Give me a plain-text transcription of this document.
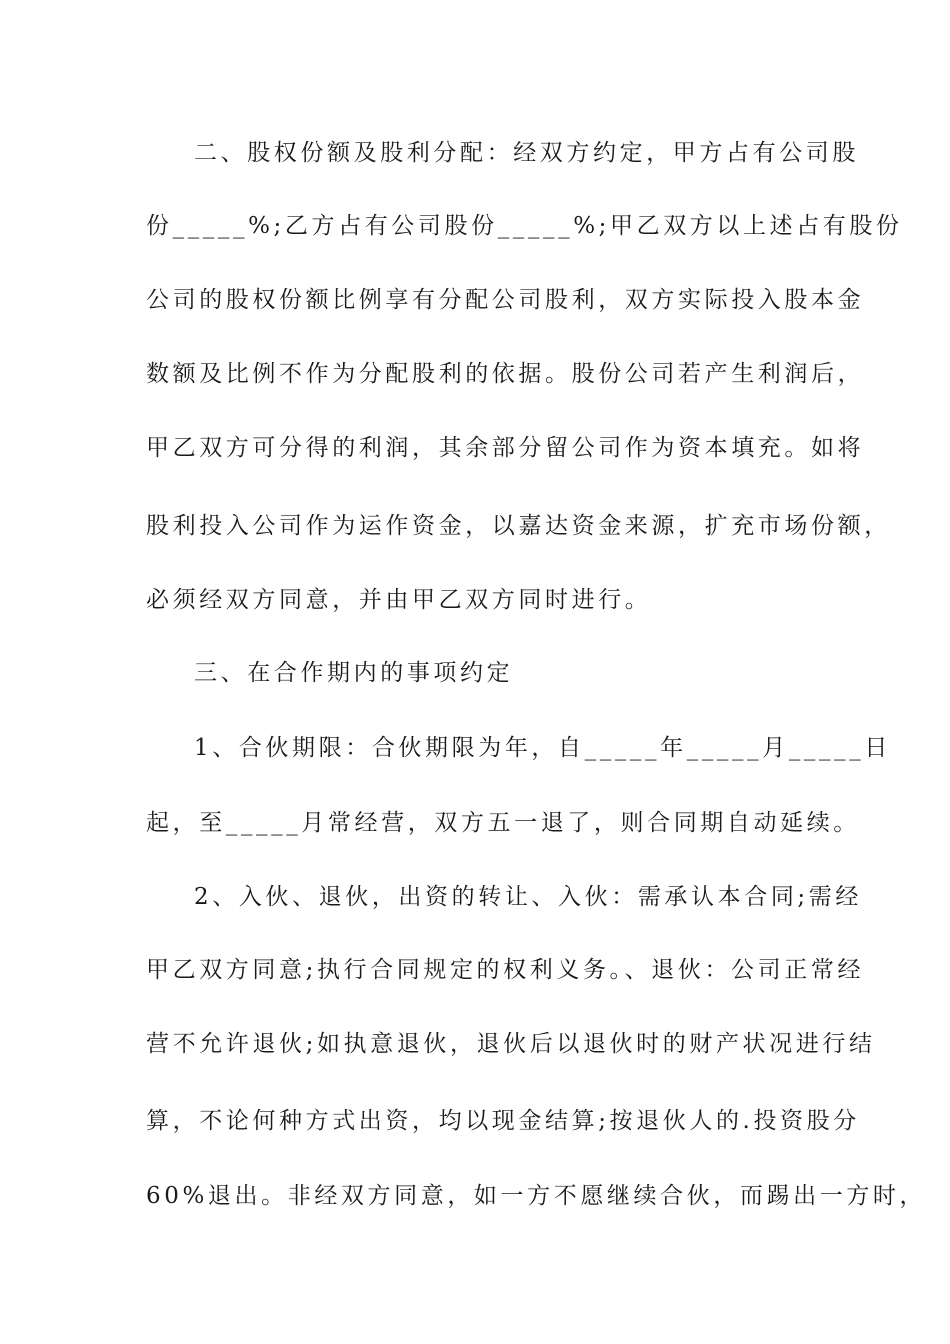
二、股权份额及股利分配：经双方约定，甲方占有公司股
份_____%;乙方占有公司股份_____%;甲乙双方以上述占有股份
公司的股权份额比例享有分配公司股利，双方实际投入股本金
数额及比例不作为分配股利的依据。股份公司若产生利润后，
甲乙双方可分得的利润，其余部分留公司作为资本填充。如将
股利投入公司作为运作资金，以嘉达资金来源，扩充市场份额，
必须经双方同意，并由甲乙双方同时进行。
三、在合作期内的事项约定
1、合伙期限：合伙期限为年，自_____年_____月_____日
起，至_____月常经营，双方五一退了，则合同期自动延续。
2、入伙、退伙，出资的转让、入伙：需承认本合同;需经
甲乙双方同意;执行合同规定的权利义务。、退伙：公司正常经
营不允许退伙;如执意退伙，退伙后以退伙时的财产状况进行结
算，不论何种方式出资，均以现金结算;按退伙人的.投资股分
60%退出。非经双方同意，如一方不愿继续合伙，而踢出一方时，
